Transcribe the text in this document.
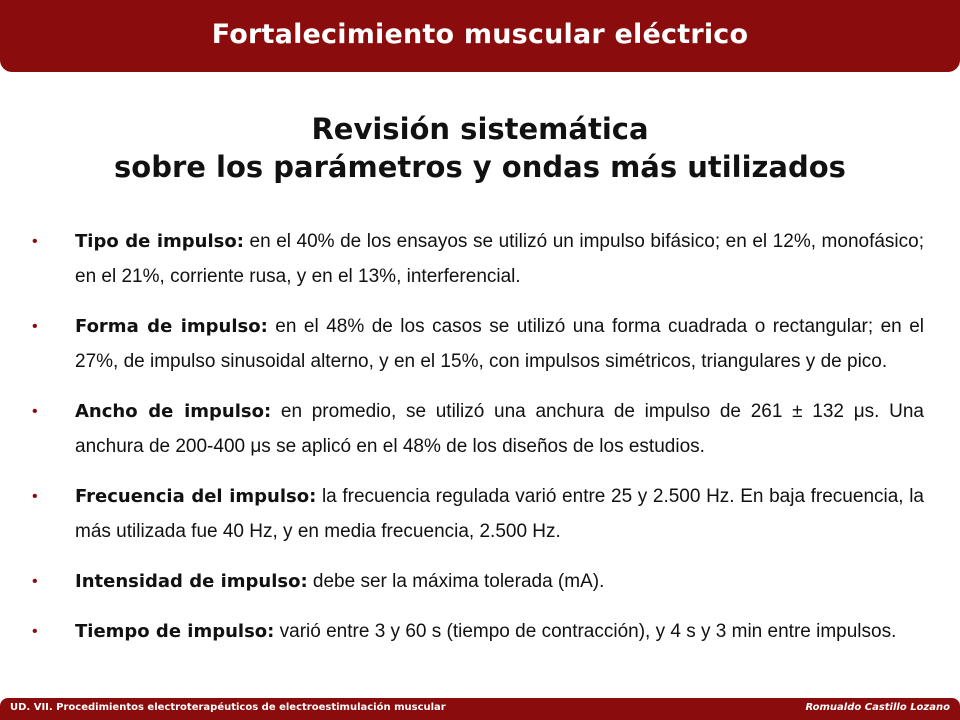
Fortalecimiento muscular eléctrico
Revisión sistemática
sobre los parámetros y ondas más utilizados
• Tipo de impulso: en el 40% de los ensayos se utilizó un impulso bifásico; en el 12%, monofásico; en el 21%, corriente rusa, y en el 13%, interferencial.
• Forma de impulso: en el 48% de los casos se utilizó una forma cuadrada o rectangular; en el 27%, de impulso sinusoidal alterno, y en el 15%, con impulsos simétricos, triangulares y de pico.
• Ancho de impulso: en promedio, se utilizó una anchura de impulso de 261 ± 132 μs. Una anchura de 200-400 μs se aplicó en el 48% de los diseños de los estudios.
• Frecuencia del impulso: la frecuencia regulada varió entre 25 y 2.500 Hz. En baja frecuencia, la más utilizada fue 40 Hz, y en media frecuencia, 2.500 Hz.
• Intensidad de impulso: debe ser la máxima tolerada (mA).
• Tiempo de impulso: varió entre 3 y 60 s (tiempo de contracción), y 4 s y 3 min entre impulsos.
UD. VII. Procedimientos electroterapéuticos de electroestimulación muscular	Romualdo Castillo Lozano
